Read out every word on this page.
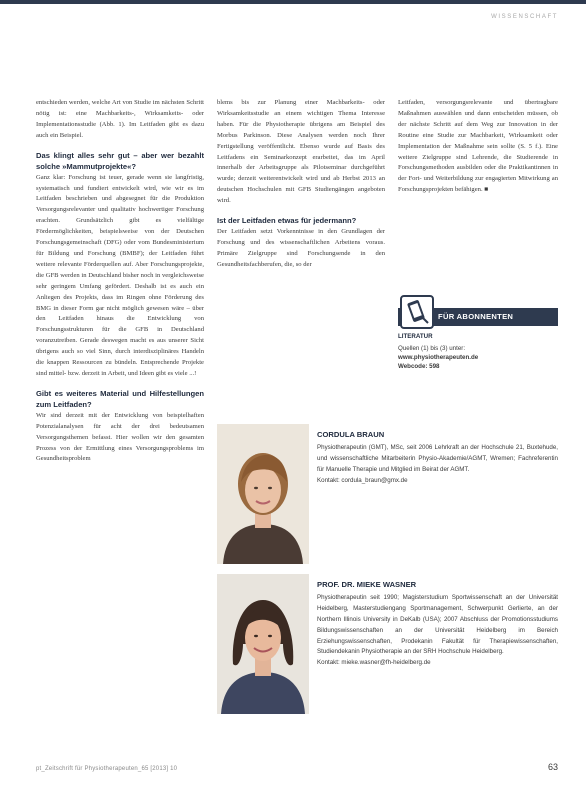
WISSENSCHAFT

entschieden werden, welche Art von Studie im nächsten Schritt nötig ist: eine Machbarkeits-, Wirksamkeits- oder Implementationsstudie (Abb. 1). Im Leitfaden gibt es dazu auch ein Beispiel.

Das klingt alles sehr gut – aber wer bezahlt solche »Mammutprojekte«?

Ganz klar: Forschung ist teuer, gerade wenn sie langfristig, systematisch und fundiert entwickelt wird, wie wir es im Leitfaden beschrieben und abgesegnet für die Produktion Versorgungsrelevanter und qualitativ hochwertiger Forschung erachten. Grundsätzlich gibt es vielfältige Fördermöglichkeiten, beispielsweise von der Deutschen Forschungsgemeinschaft (DFG) oder vom Bundesministerium für Bildung und Forschung (BMBF); der Leitfaden führt weitere relevante Förderquellen auf. Aber Forschungsprojekte, die GFB werden in Deutschland bisher noch in vergleichsweise sehr geringem Umfang gefördert. Deshalb ist es auch ein Anliegen des Projekts, dass im Ringen ohne Förderung des BMG in dieser Form gar nicht möglich gewesen wäre – über den Leitfaden hinaus die Entwicklung von Forschungsstrukturen für die GFB in Deutschland voranzutreiben. Gerade deswegen macht es aus unserer Sicht übrigens auch so viel Sinn, durch interdisziplinäres Handeln die knappen Ressourcen zu bündeln. Entsprechende Projekte sind mittel- bzw. derzeit in Arbeit, und Ideen gibt es viele ...!

Gibt es weiteres Material und Hilfestellungen zum Leitfaden?

Wir sind derzeit mit der Entwicklung von beispielhaften Potenzialanalysen für acht der drei bedeutsamen Versorgungsthemen befasst. Hier wollen wir den gesamten Prozess von der Ermittlung eines Versorgungsproblems im Gesundheitsproblem

blems bis zur Planung einer Machbarkeits- oder Wirksamkeitsstudie an einem wichtigen Thema Interesse haben. Für die Physiotherapie übrigens am Beispiel des Morbus Parkinson. Diese Analysen werden noch Ihrer Fertigstellung veröffentlicht. Ebenso wurde auf Basis des Leitfadens ein Seminarkonzept erarbeitet, das im April innerhalb der Arbeitsgruppe als Pilotseminar durchgeführt wurde; derzeit weiterentwickelt wird und ab Herbst 2013 an deutschen Hochschulen mit GFB Studiengängen angeboten wird.

Ist der Leitfaden etwas für jedermann?

Der Leitfaden setzt Vorkenntnisse in den Grundlagen der Forschung und des wissenschaftlichen Arbeitens voraus. Primäre Zielgruppe sind Forschungsende in den Gesundheitsfachberufen, die, so der

Leitfaden, versorgungsrelevante und übertragbare Maßnahmen auswählen und dann entscheiden müssen, ob der nächste Schritt auf dem Weg zur Innovation in der Routine eine Studie zur Machbarkeit, Wirksamkeit oder Implementation der Maßnahme sein sollte (S. 5 f.). Eine weitere Zielgruppe sind Lehrende, die Studierende in Forschungsmethoden ausbilden oder die Praktikantinnen in der Fort- und Weiterbildung zur engagierten Mitwirkung an Forschungsprojekten befähigen. ■

FÜR ABONNENTEN
LITERATUR
Quellen (1) bis (3) unter:
www.physiotherapeuten.de
Webcode: 598
CORDULA BRAUN
Physiotherapeutin (GMT), MSc, seit 2006 Lehrkraft an der Hochschule 21, Buxtehude, und wissenschaftliche Mitarbeiterin Physio-Akademie/AGMT, Wremen; Fachreferentin für Manuelle Therapie und Mitglied im Beirat der AGMT.
Kontakt: cordula_braun@gmx.de
PROF. DR. MIEKE WASNER
Physiotherapeutin seit 1990; Magisterstudium Sportwissenschaft an der Universität Heidelberg, Masterstudiengang Sportmanagement, Schwerpunkt Gerlierte, an der Northern Illinois University in DeKalb (USA); 2007 Abschluss der Promotionsstudiums Bildungswissenschaften an der Universität Heidelberg im Bereich Erziehungswissenschaften, Prodekanin Fakultät für Therapiewissenschaften, Studiendekanin Physiotherapie an der SRH Hochschule Heidelberg.
Kontakt: mieke.wasner@fh-heidelberg.de
pt_Zeitschrift für Physiotherapeuten_65 [2013] 10	63
